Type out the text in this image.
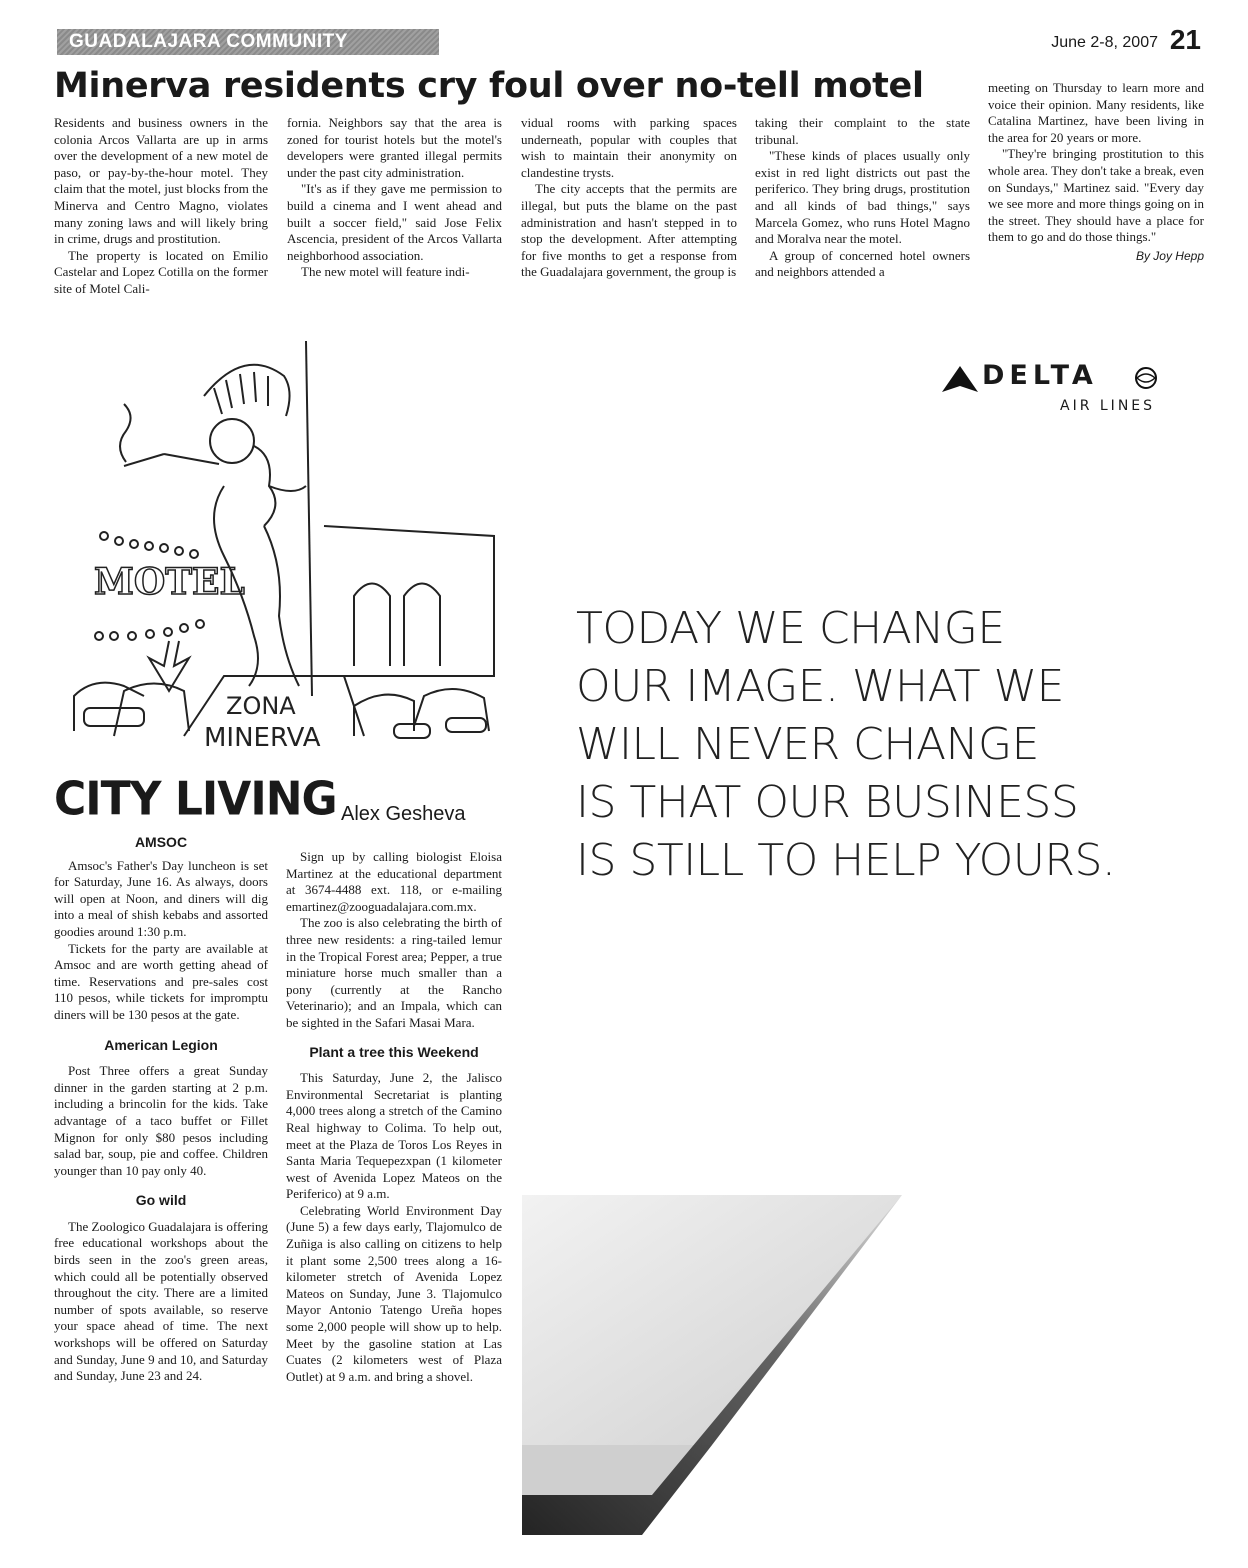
GUADALAJARA COMMUNITY	June 2-8, 2007 21
Minerva residents cry foul over no-tell motel

Residents and business owners in the colonia Arcos Vallarta are up in arms over the development of a new motel de paso, or pay-by-the-hour motel. They claim that the motel, just blocks from the Minerva and Centro Magno, violates many zoning laws and will likely bring in crime, drugs and prostitution.

The property is located on Emilio Castelar and Lopez Cotilla on the former site of Motel Cali-

fornia. Neighbors say that the area is zoned for tourist hotels but the motel's developers were granted illegal permits under the past city administration.

"It's as if they gave me permission to build a cinema and I went ahead and built a soccer field," said Jose Felix Ascencia, president of the Arcos Vallarta neighborhood association.

The new motel will feature indi-

vidual rooms with parking spaces underneath, popular with couples that wish to maintain their anonymity on clandestine trysts.

The city accepts that the permits are illegal, but puts the blame on the past administration and hasn't stepped in to stop the development. After attempting for five months to get a response from the Guadalajara government, the group is

taking their complaint to the state tribunal.

"These kinds of places usually only exist in red light districts out past the periferico. They bring drugs, prostitution and all kinds of bad things," says Marcela Gomez, who runs Hotel Magno and Moralva near the motel.

A group of concerned hotel owners and neighbors attended a

meeting on Thursday to learn more and voice their opinion. Many residents, like Catalina Martinez, have been living in the area for 20 years or more.

"They're bringing prostitution to this whole area. They don't take a break, even on Sundays," Martinez said. "Every day we see more and more things going on in the street. They should have a place for them to go and do those things."

By Joy Hepp
MOTEL
ZONA
MINERVA
CITY LIVING Alex Gesheva
AMSOC

Amsoc's Father's Day luncheon is set for Saturday, June 16. As always, doors will open at Noon, and diners will dig into a meal of shish kebabs and assorted goodies around 1:30 p.m.

Tickets for the party are available at Amsoc and are worth getting ahead of time. Reservations and pre-sales cost 110 pesos, while tickets for impromptu diners will be 130 pesos at the gate.

American Legion

Post Three offers a great Sunday dinner in the garden starting at 2 p.m. including a brincolin for the kids. Take advantage of a taco buffet or Fillet Mignon for only $80 pesos including salad bar, soup, pie and coffee. Children younger than 10 pay only 40.

Go wild

The Zoologico Guadalajara is offering free educational workshops about the birds seen in the zoo's green areas, which could all be potentially observed throughout the city. There are a limited number of spots available, so reserve your space ahead of time. The next workshops will be offered on Saturday and Sunday, June 9 and 10, and Saturday and Sunday, June 23 and 24.

Sign up by calling biologist Eloisa Martinez at the educational department at 3674-4488 ext. 118, or e-mailing emartinez@zooguadalajara.com.mx.

The zoo is also celebrating the birth of three new residents: a ring-tailed lemur in the Tropical Forest area; Pepper, a true miniature horse much smaller than a pony (currently at the Rancho Veterinario); and an Impala, which can be sighted in the Safari Masai Mara.

Plant a tree this Weekend

This Saturday, June 2, the Jalisco Environmental Secretariat is planting 4,000 trees along a stretch of the Camino Real highway to Colima. To help out, meet at the Plaza de Toros Los Reyes in Santa Maria Tequepezxpan (1 kilometer west of Avenida Lopez Mateos on the Periferico) at 9 a.m.

Celebrating World Environment Day (June 5) a few days early, Tlajomulco de Zuñiga is also calling on citizens to help it plant some 2,500 trees along a 16-kilometer stretch of Avenida Lopez Mateos on Sunday, June 3. Tlajomulco Mayor Antonio Tatengo Ureña hopes some 2,000 people will show up to help. Meet by the gasoline station at Las Cuates (2 kilometers west of Plaza Outlet) at 9 a.m. and bring a shovel.

DELTA
AIR LINES
TODAY WE CHANGE
OUR IMAGE. WHAT WE
WILL NEVER CHANGE
IS THAT OUR BUSINESS
IS STILL TO HELP YOURS.
